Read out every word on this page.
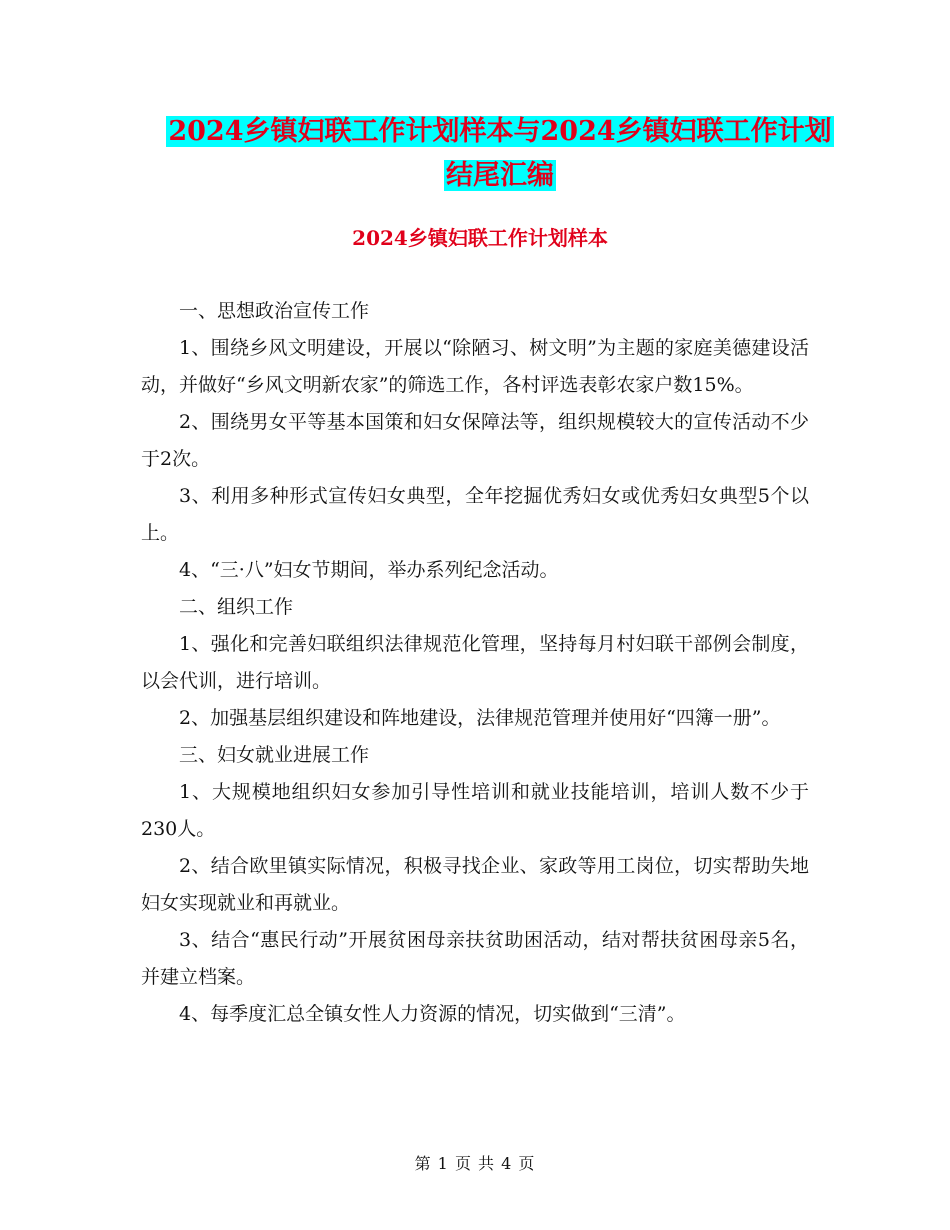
2024乡镇妇联工作计划样本与2024乡镇妇联工作计划
结尾汇编
2024乡镇妇联工作计划样本

一、思想政治宣传工作

1、围绕乡风文明建设，开展以“除陋习、树文明”为主题的家庭美德建设活动，并做好“乡风文明新农家”的筛选工作，各村评选表彰农家户数15%。

2、围绕男女平等基本国策和妇女保障法等，组织规模较大的宣传活动不少于2次。

3、利用多种形式宣传妇女典型，全年挖掘优秀妇女或优秀妇女典型5个以上。

4、“三·八”妇女节期间，举办系列纪念活动。

二、组织工作

1、强化和完善妇联组织法律规范化管理，坚持每月村妇联干部例会制度，以会代训，进行培训。

2、加强基层组织建设和阵地建设，法律规范管理并使用好“四簿一册”。

三、妇女就业进展工作

1、大规模地组织妇女参加引导性培训和就业技能培训，培训人数不少于230人。

2、结合欧里镇实际情况，积极寻找企业、家政等用工岗位，切实帮助失地妇女实现就业和再就业。

3、结合“惠民行动”开展贫困母亲扶贫助困活动，结对帮扶贫困母亲5名，并建立档案。

4、每季度汇总全镇女性人力资源的情况，切实做到“三清”。

第 1 页 共 4 页
